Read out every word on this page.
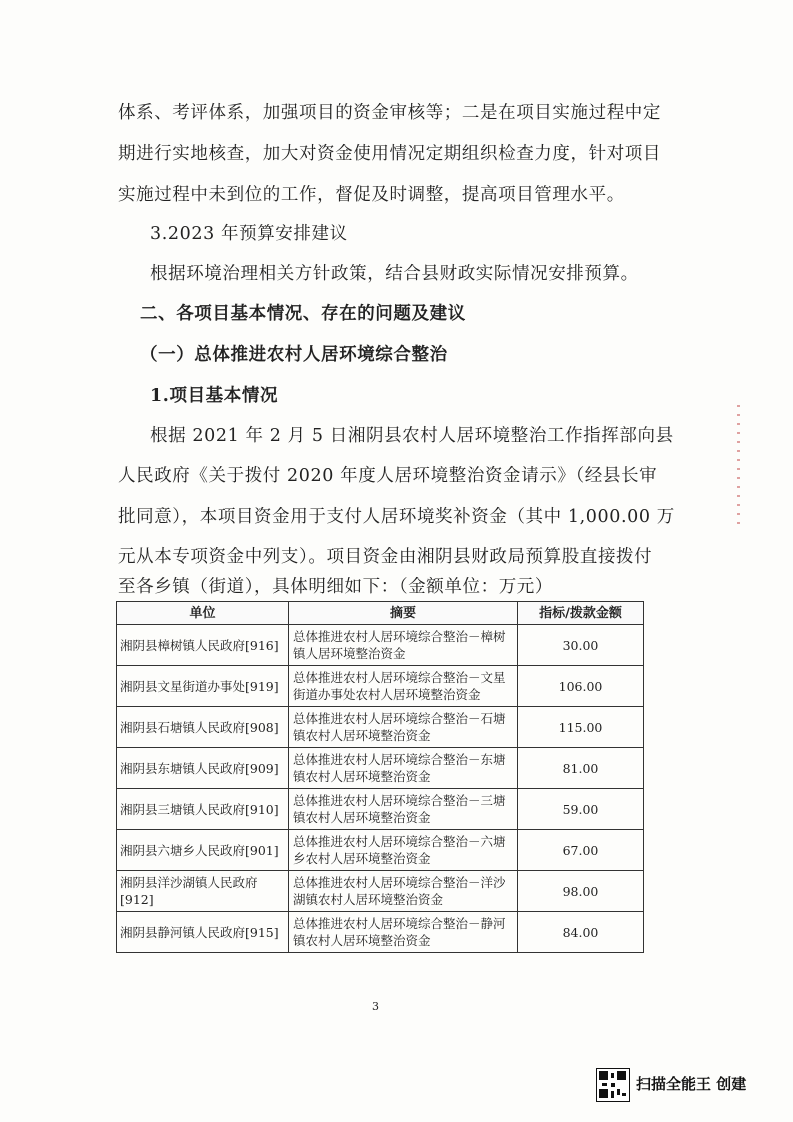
体系、考评体系，加强项目的资金审核等；二是在项目实施过程中定
期进行实地核查，加大对资金使用情况定期组织检查力度，针对项目
实施过程中未到位的工作，督促及时调整，提高项目管理水平。
3.2023 年预算安排建议
根据环境治理相关方针政策，结合县财政实际情况安排预算。
二、各项目基本情况、存在的问题及建议
（一）总体推进农村人居环境综合整治
1.项目基本情况
根据 2021 年 2 月 5 日湘阴县农村人居环境整治工作指挥部向县
人民政府《关于拨付 2020 年度人居环境整治资金请示》（经县长审
批同意），本项目资金用于支付人居环境奖补资金（其中 1,000.00 万
元从本专项资金中列支）。项目资金由湘阴县财政局预算股直接拨付
至各乡镇（街道），具体明细如下：（金额单位：万元）
单位	摘要	指标/拨款金额
湘阴县樟树镇人民政府[916]	总体推进农村人居环境综合整治－樟树镇人居环境整治资金	30.00
湘阴县文星街道办事处[919]	总体推进农村人居环境综合整治－文星街道办事处农村人居环境整治资金	106.00
湘阴县石塘镇人民政府[908]	总体推进农村人居环境综合整治－石塘镇农村人居环境整治资金	115.00
湘阴县东塘镇人民政府[909]	总体推进农村人居环境综合整治－东塘镇农村人居环境整治资金	81.00
湘阴县三塘镇人民政府[910]	总体推进农村人居环境综合整治－三塘镇农村人居环境整治资金	59.00
湘阴县六塘乡人民政府[901]	总体推进农村人居环境综合整治－六塘乡农村人居环境整治资金	67.00
湘阴县洋沙湖镇人民政府[912]	总体推进农村人居环境综合整治－洋沙湖镇农村人居环境整治资金	98.00
湘阴县静河镇人民政府[915]	总体推进农村人居环境综合整治－静河镇农村人居环境整治资金	84.00
3
扫描全能王 创建
